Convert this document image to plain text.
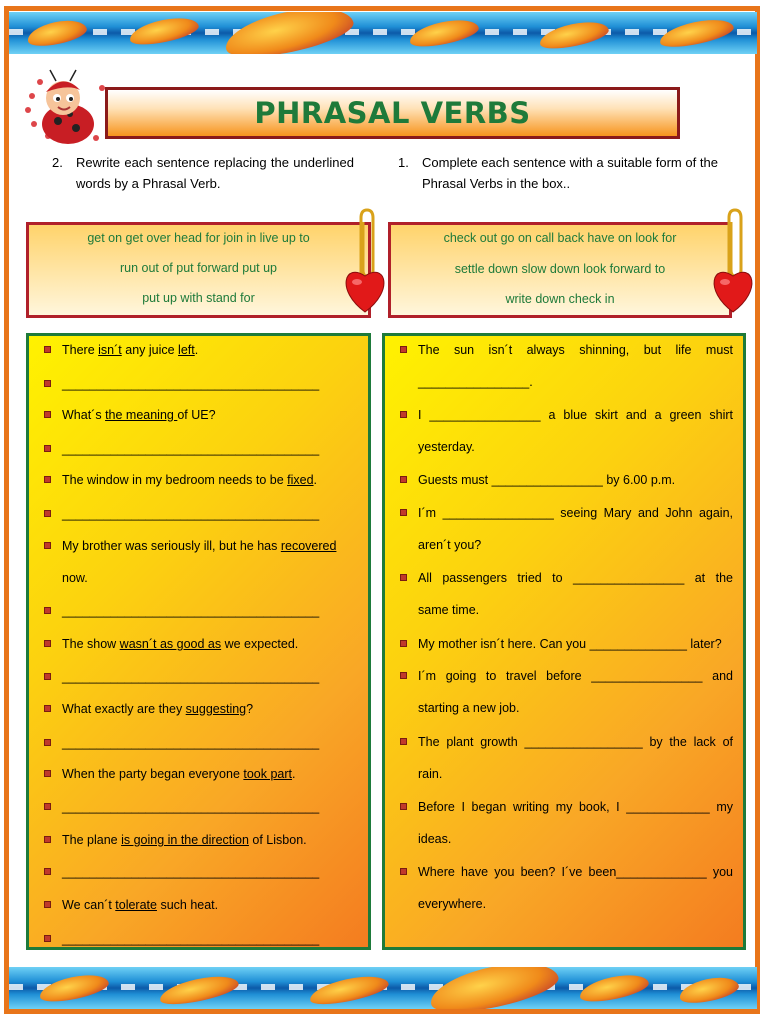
PHRASAL VERBS
2. Rewrite each sentence replacing the underlined words by a Phrasal Verb.
1. Complete each sentence with a suitable form of the Phrasal Verbs in the box..
get on get over head for join in live up to
run out of put forward put up
put up with stand for
check out go on call back have on look for
settle down slow down look forward to
write down check in
There isn´t any juice left.
_____________________________________
What´s the meaning of UE?
_____________________________________
The window in my bedroom needs to be fixed.
_____________________________________
My brother was seriously ill, but he has recovered
now.
_____________________________________
The show wasn´t as good as we expected.
_____________________________________
What exactly are they suggesting?
_____________________________________
When the party began everyone took part.
_____________________________________
The plane is going in the direction of Lisbon.
_____________________________________
We can´t tolerate such heat.
_____________________________________
The sun isn´t always shinning, but life must
________________.
I ________________ a blue skirt and a green shirt
yesterday.
Guests must ________________ by 6.00 p.m.
I´m ________________ seeing Mary and John again,
aren´t you?
All passengers tried to ________________ at the
same time.
My mother isn´t here. Can you ______________ later?
I´m going to travel before ________________ and
starting a new job.
The plant growth _________________ by the lack of
rain.
Before I began writing my book, I ____________ my
ideas.
Where have you been? I´ve been_____________ you
everywhere.
